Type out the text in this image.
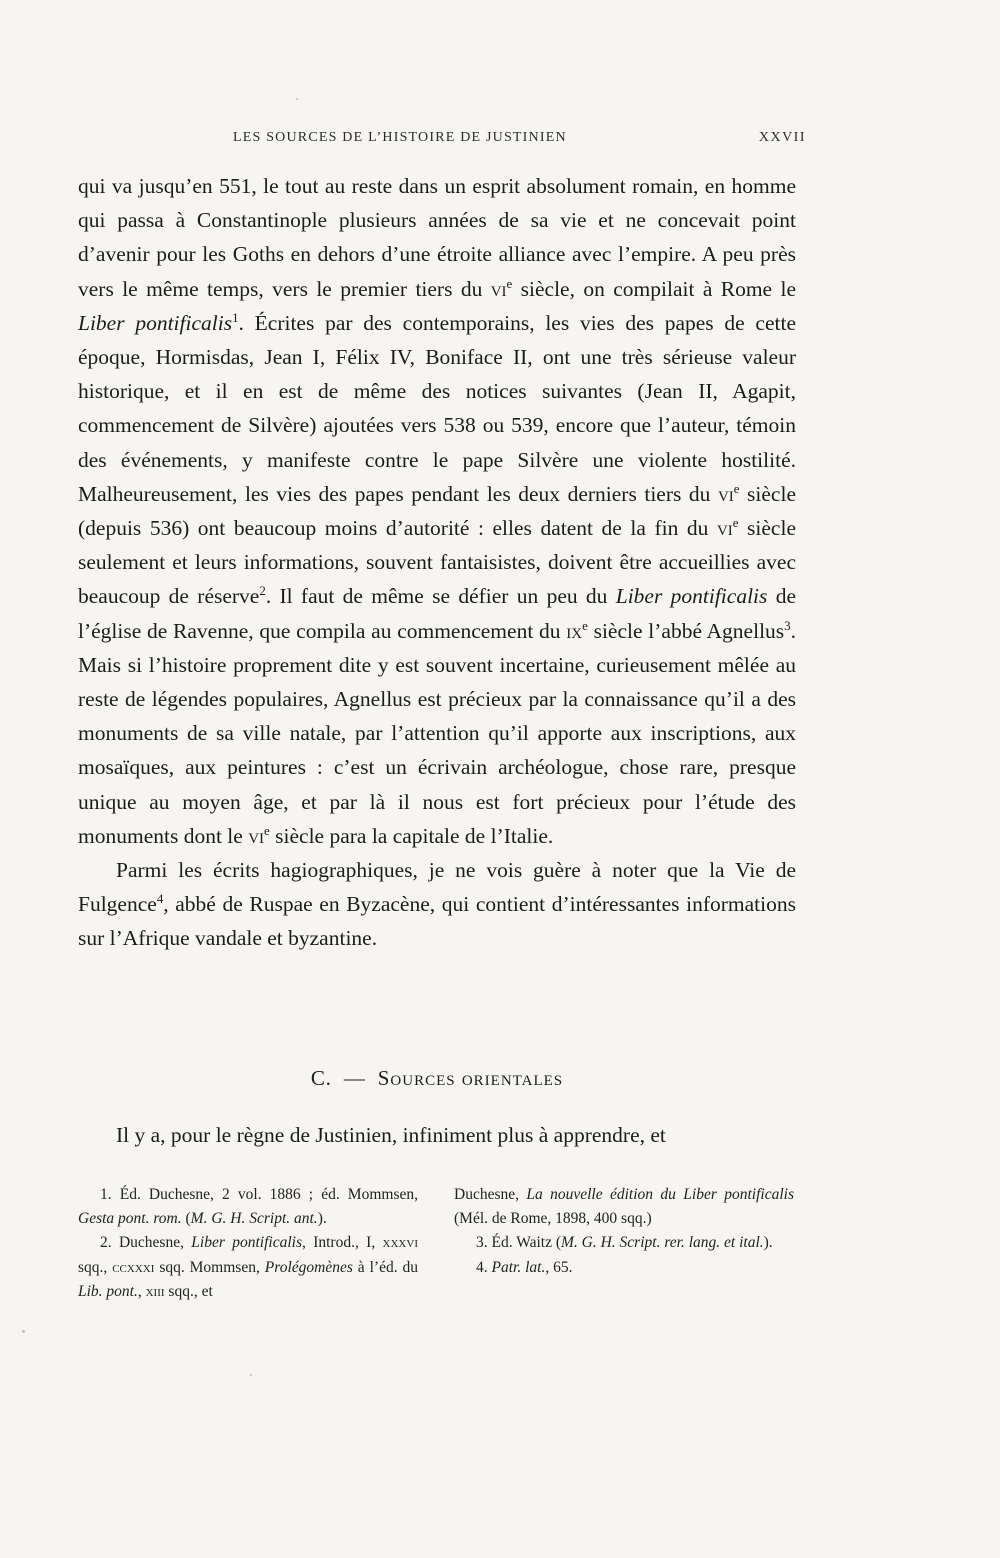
LES SOURCES DE L’HISTOIRE DE JUSTINIEN	XXVII

qui va jusqu’en 551, le tout au reste dans un esprit absolument romain, en homme qui passa à Constantinople plusieurs années de sa vie et ne concevait point d’avenir pour les Goths en dehors d’une étroite alliance avec l’empire. A peu près vers le même temps, vers le premier tiers du $vi^e$ siècle, on compilait à Rome le Liber pontificalis$^1$. Écrites par des contemporains, les vies des papes de cette époque, Hormisdas, Jean I, Félix IV, Boniface II, ont une très sérieuse valeur historique, et il en est de même des notices suivantes (Jean II, Agapit, commencement de Silvère) ajoutées vers 538 ou 539, encore que l’auteur, témoin des événements, y manifeste contre le pape Silvère une violente hostilité. Malheureusement, les vies des papes pendant les deux derniers tiers du $vi^e$ siècle (depuis 536) ont beaucoup moins d’autorité : elles datent de la fin du $vi^e$ siècle seulement et leurs informations, souvent fantaisistes, doivent être accueillies avec beaucoup de réserve$^2$. Il faut de même se défier un peu du Liber pontificalis de l’église de Ravenne, que compila au commencement du $ix^e$ siècle l’abbé Agnellus$^3$. Mais si l’histoire proprement dite y est souvent incertaine, curieusement mêlée au reste de légendes populaires, Agnellus est précieux par la connaissance qu’il a des monuments de sa ville natale, par l’attention qu’il apporte aux inscriptions, aux mosaïques, aux peintures : c’est un écrivain archéologue, chose rare, presque unique au moyen âge, et par là il nous est fort précieux pour l’étude des monuments dont le $vi^e$ siècle para la capitale de l’Italie.

Parmi les écrits hagiographiques, je ne vois guère à noter que la Vie de Fulgence$^4$, abbé de Ruspae en Byzacène, qui contient d’intéressantes informations sur l’Afrique vandale et byzantine.

C. — Sources orientales
Il y a, pour le règne de Justinien, infiniment plus à apprendre, et

1. Éd. Duchesne, 2 vol. 1886 ; éd. Mommsen, Gesta pont. rom. (M. G. H. Script. ant.).

2. Duchesne, Liber pontificalis, Introd., I, xxxvi sqq., ccxxxi sqq. Mommsen, Prolégomènes à l’éd. du Lib. pont., xiii sqq., et

Duchesne, La nouvelle édition du Liber pontificalis (Mél. de Rome, 1898, 400 sqq.)

3. Éd. Waitz (M. G. H. Script. rer. lang. et ital.).

4. Patr. lat., 65.
